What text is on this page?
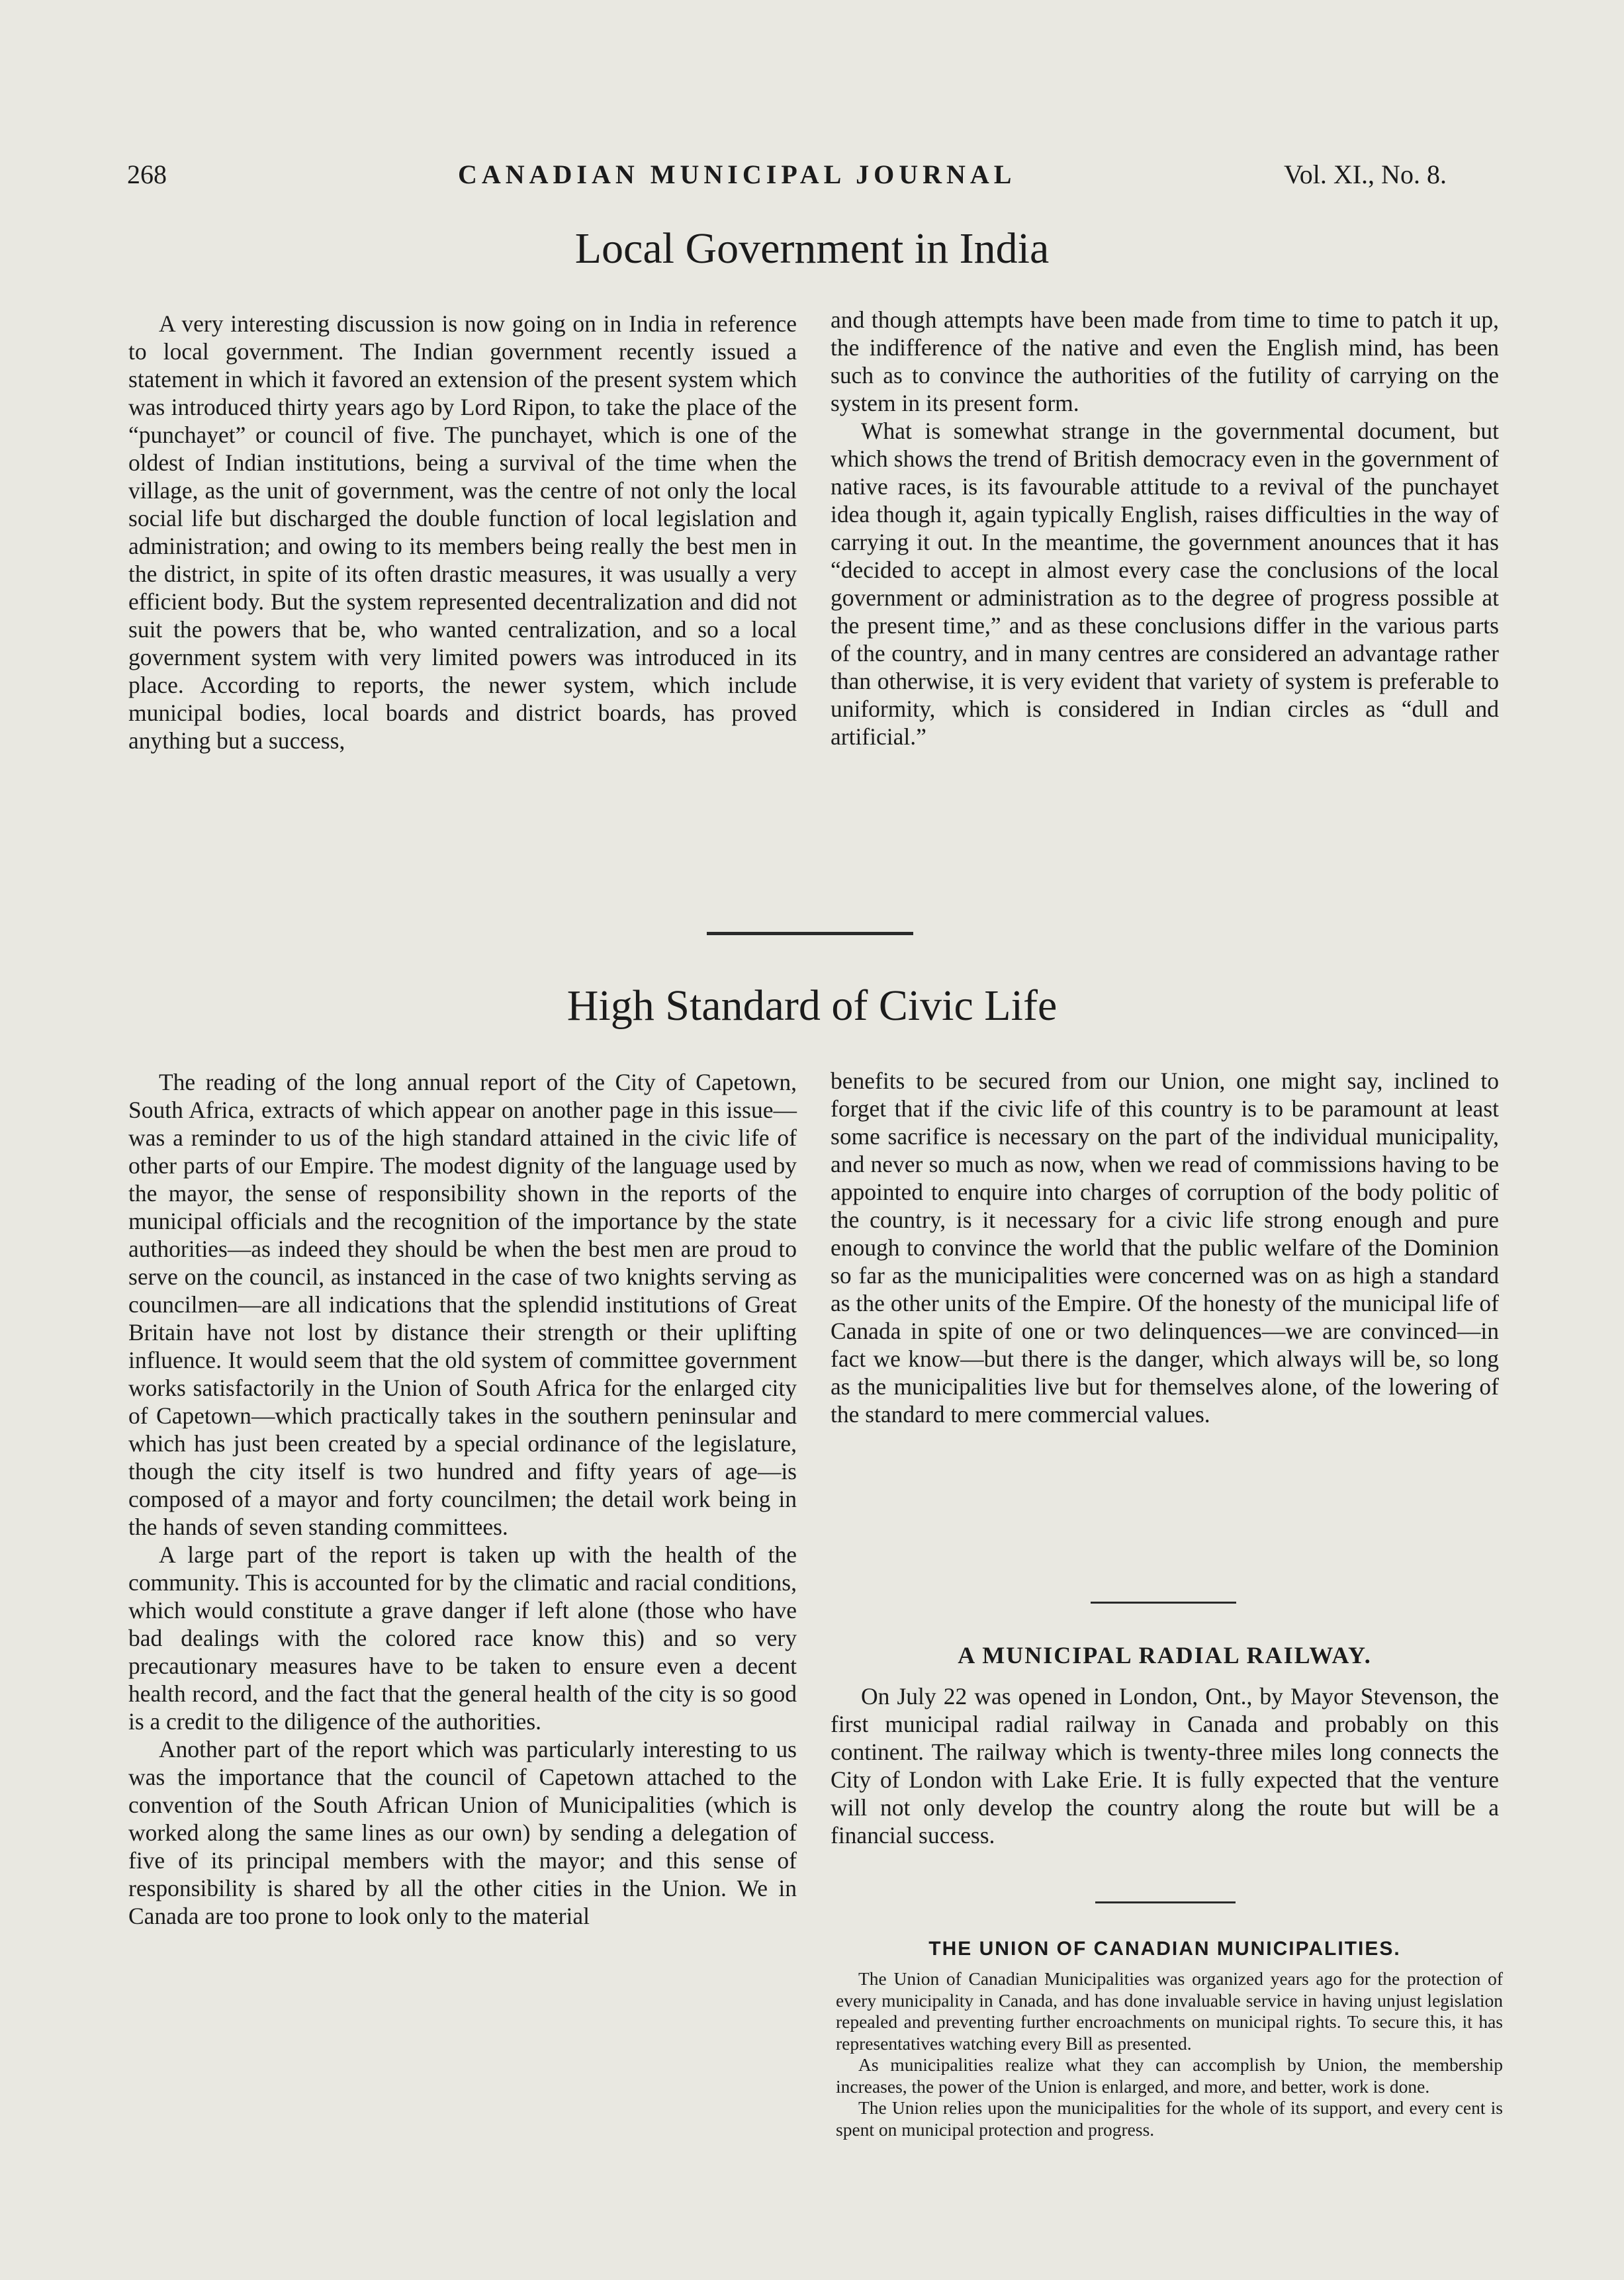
268	CANADIAN MUNICIPAL JOURNAL	Vol. XI., No. 8.
Local Government in India

A very interesting discussion is now going on in India in reference to local government. The Indian government recently issued a statement in which it favored an extension of the present system which was introduced thirty years ago by Lord Ripon, to take the place of the “punchayet” or council of five. The punchayet, which is one of the oldest of Indian institutions, being a survival of the time when the village, as the unit of government, was the centre of not only the local social life but discharged the double function of local legislation and administration; and owing to its members being really the best men in the district, in spite of its often drastic measures, it was usually a very efficient body. But the system represented decentralization and did not suit the powers that be, who wanted centralization, and so a local government system with very limited powers was introduced in its place. According to reports, the newer system, which include municipal bodies, local boards and district boards, has proved anything but a success,

and though attempts have been made from time to time to patch it up, the indifference of the native and even the English mind, has been such as to convince the authorities of the futility of carrying on the system in its present form.

What is somewhat strange in the governmental document, but which shows the trend of British democracy even in the government of native races, is its favourable attitude to a revival of the punchayet idea though it, again typically English, raises difficulties in the way of carrying it out. In the meantime, the government anounces that it has “decided to accept in almost every case the conclusions of the local government or administration as to the degree of progress possible at the present time,” and as these conclusions differ in the various parts of the country, and in many centres are considered an advantage rather than otherwise, it is very evident that variety of system is preferable to uniformity, which is considered in Indian circles as “dull and artificial.”

High Standard of Civic Life

The reading of the long annual report of the City of Capetown, South Africa, extracts of which appear on another page in this issue—was a reminder to us of the high standard attained in the civic life of other parts of our Empire. The modest dignity of the language used by the mayor, the sense of responsibility shown in the reports of the municipal officials and the recognition of the importance by the state authorities—as indeed they should be when the best men are proud to serve on the council, as instanced in the case of two knights serving as councilmen—are all indications that the splendid institutions of Great Britain have not lost by distance their strength or their uplifting influence. It would seem that the old system of committee government works satisfactorily in the Union of South Africa for the enlarged city of Capetown—which practically takes in the southern peninsular and which has just been created by a special ordinance of the legislature, though the city itself is two hundred and fifty years of age—is composed of a mayor and forty councilmen; the detail work being in the hands of seven standing committees.

A large part of the report is taken up with the health of the community. This is accounted for by the climatic and racial conditions, which would constitute a grave danger if left alone (those who have bad dealings with the colored race know this) and so very precautionary measures have to be taken to ensure even a decent health record, and the fact that the general health of the city is so good is a credit to the diligence of the authorities.

Another part of the report which was particularly interesting to us was the importance that the council of Capetown attached to the convention of the South African Union of Municipalities (which is worked along the same lines as our own) by sending a delegation of five of its principal members with the mayor; and this sense of responsibility is shared by all the other cities in the Union. We in Canada are too prone to look only to the material

benefits to be secured from our Union, one might say, inclined to forget that if the civic life of this country is to be paramount at least some sacrifice is necessary on the part of the individual municipality, and never so much as now, when we read of commissions having to be appointed to enquire into charges of corruption of the body politic of the country, is it necessary for a civic life strong enough and pure enough to convince the world that the public welfare of the Dominion so far as the municipalities were concerned was on as high a standard as the other units of the Empire. Of the honesty of the municipal life of Canada in spite of one or two delinquences—we are convinced—in fact we know—but there is the danger, which always will be, so long as the municipalities live but for themselves alone, of the lowering of the standard to mere commercial values.

A MUNICIPAL RADIAL RAILWAY.

On July 22 was opened in London, Ont., by Mayor Stevenson, the first municipal radial railway in Canada and probably on this continent. The railway which is twenty-three miles long connects the City of London with Lake Erie. It is fully expected that the venture will not only develop the country along the route but will be a financial success.

THE UNION OF CANADIAN MUNICIPALITIES.

The Union of Canadian Municipalities was organized years ago for the protection of every municipality in Canada, and has done invaluable service in having unjust legislation repealed and preventing further encroachments on municipal rights. To secure this, it has representatives watching every Bill as presented.

As municipalities realize what they can accomplish by Union, the membership increases, the power of the Union is enlarged, and more, and better, work is done.

The Union relies upon the municipalities for the whole of its support, and every cent is spent on municipal protection and progress.
